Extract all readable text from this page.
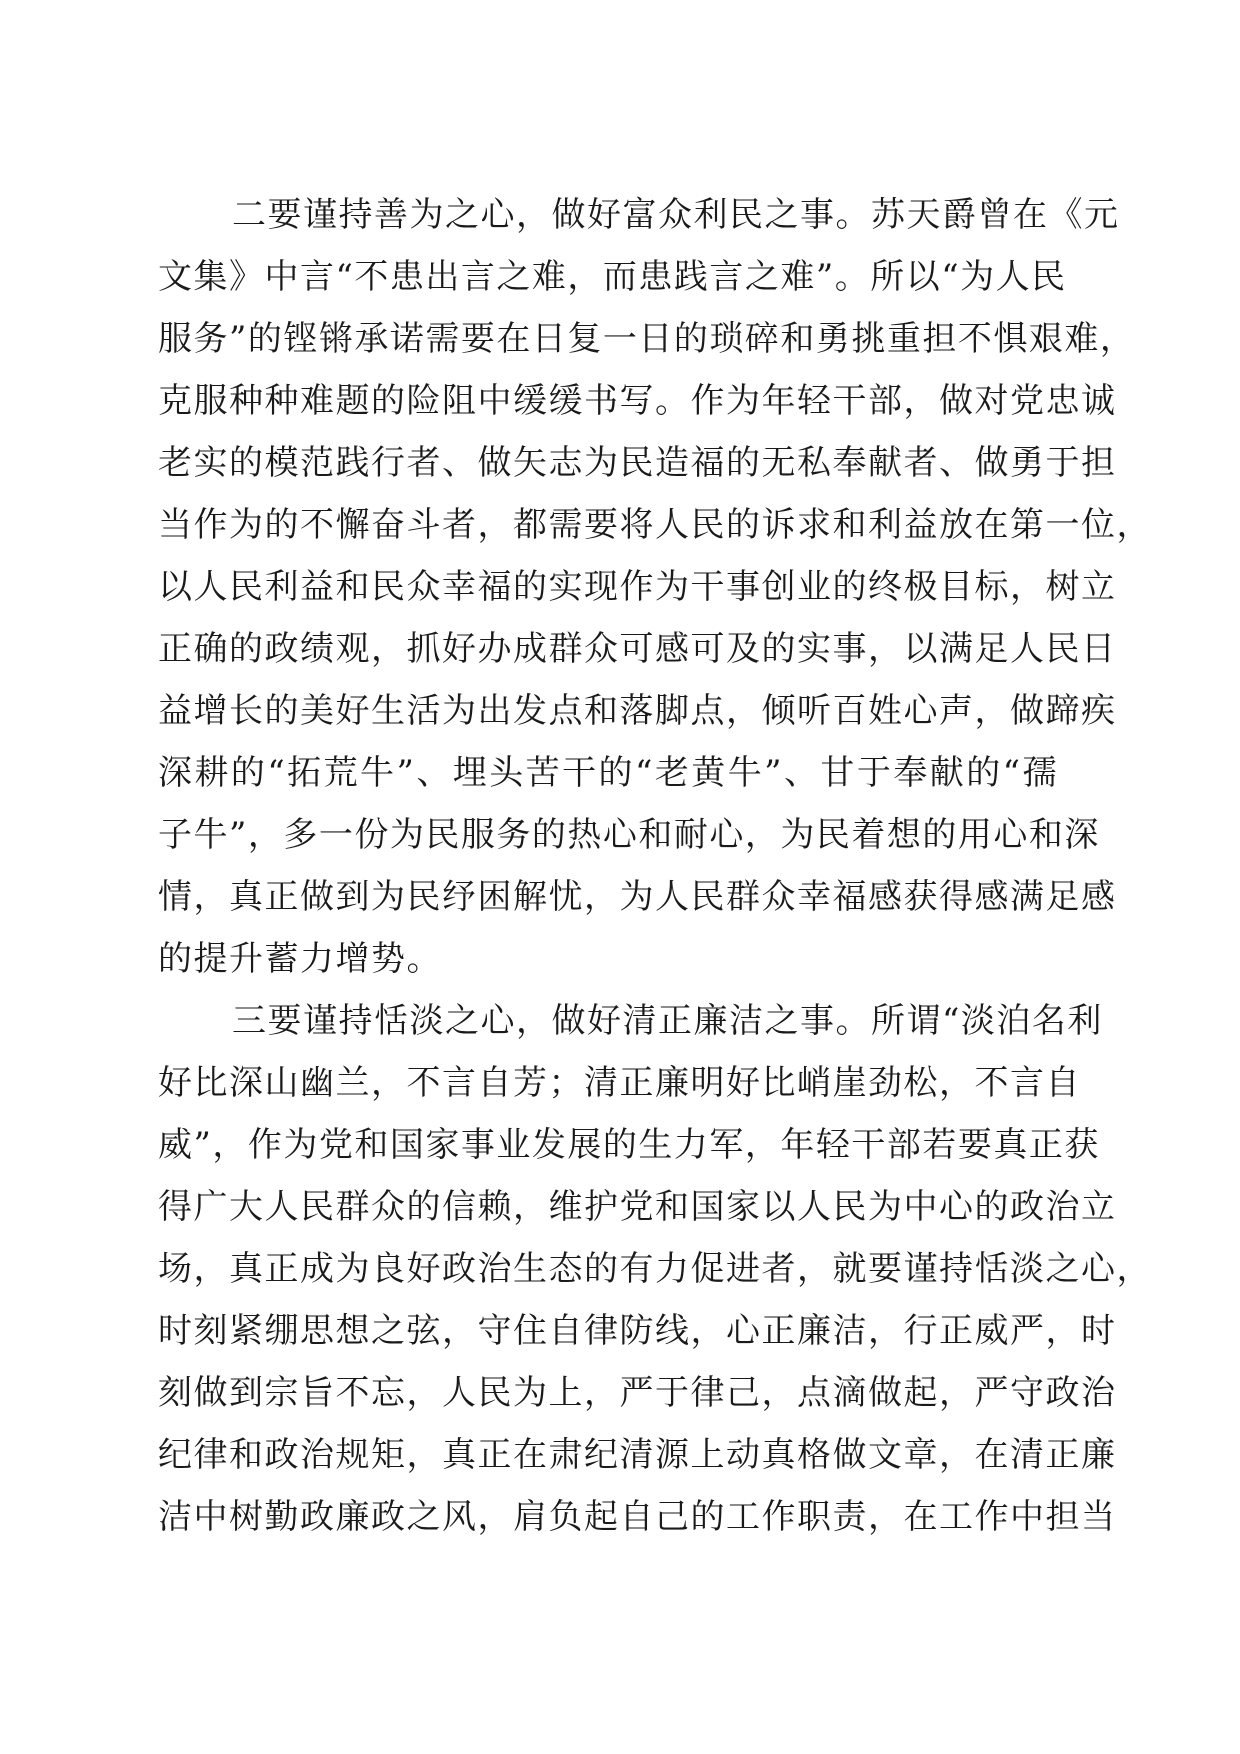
二要谨持善为之心，做好富众利民之事。苏天爵曾在《元
文集》中言“不患出言之难，而患践言之难”。所以“为人民
服务”的铿锵承诺需要在日复一日的琐碎和勇挑重担不惧艰难，
克服种种难题的险阻中缓缓书写。作为年轻干部，做对党忠诚
老实的模范践行者、做矢志为民造福的无私奉献者、做勇于担
当作为的不懈奋斗者，都需要将人民的诉求和利益放在第一位，
以人民利益和民众幸福的实现作为干事创业的终极目标，树立
正确的政绩观，抓好办成群众可感可及的实事，以满足人民日
益增长的美好生活为出发点和落脚点，倾听百姓心声，做蹄疾
深耕的“拓荒牛”、埋头苦干的“老黄牛”、甘于奉献的“孺
子牛”，多一份为民服务的热心和耐心，为民着想的用心和深
情，真正做到为民纾困解忧，为人民群众幸福感获得感满足感
的提升蓄力增势。
三要谨持恬淡之心，做好清正廉洁之事。所谓“淡泊名利
好比深山幽兰，不言自芳；清正廉明好比峭崖劲松，不言自
威”，作为党和国家事业发展的生力军，年轻干部若要真正获
得广大人民群众的信赖，维护党和国家以人民为中心的政治立
场，真正成为良好政治生态的有力促进者，就要谨持恬淡之心，
时刻紧绷思想之弦，守住自律防线，心正廉洁，行正威严，时
刻做到宗旨不忘，人民为上，严于律己，点滴做起，严守政治
纪律和政治规矩，真正在肃纪清源上动真格做文章，在清正廉
洁中树勤政廉政之风，肩负起自己的工作职责，在工作中担当
